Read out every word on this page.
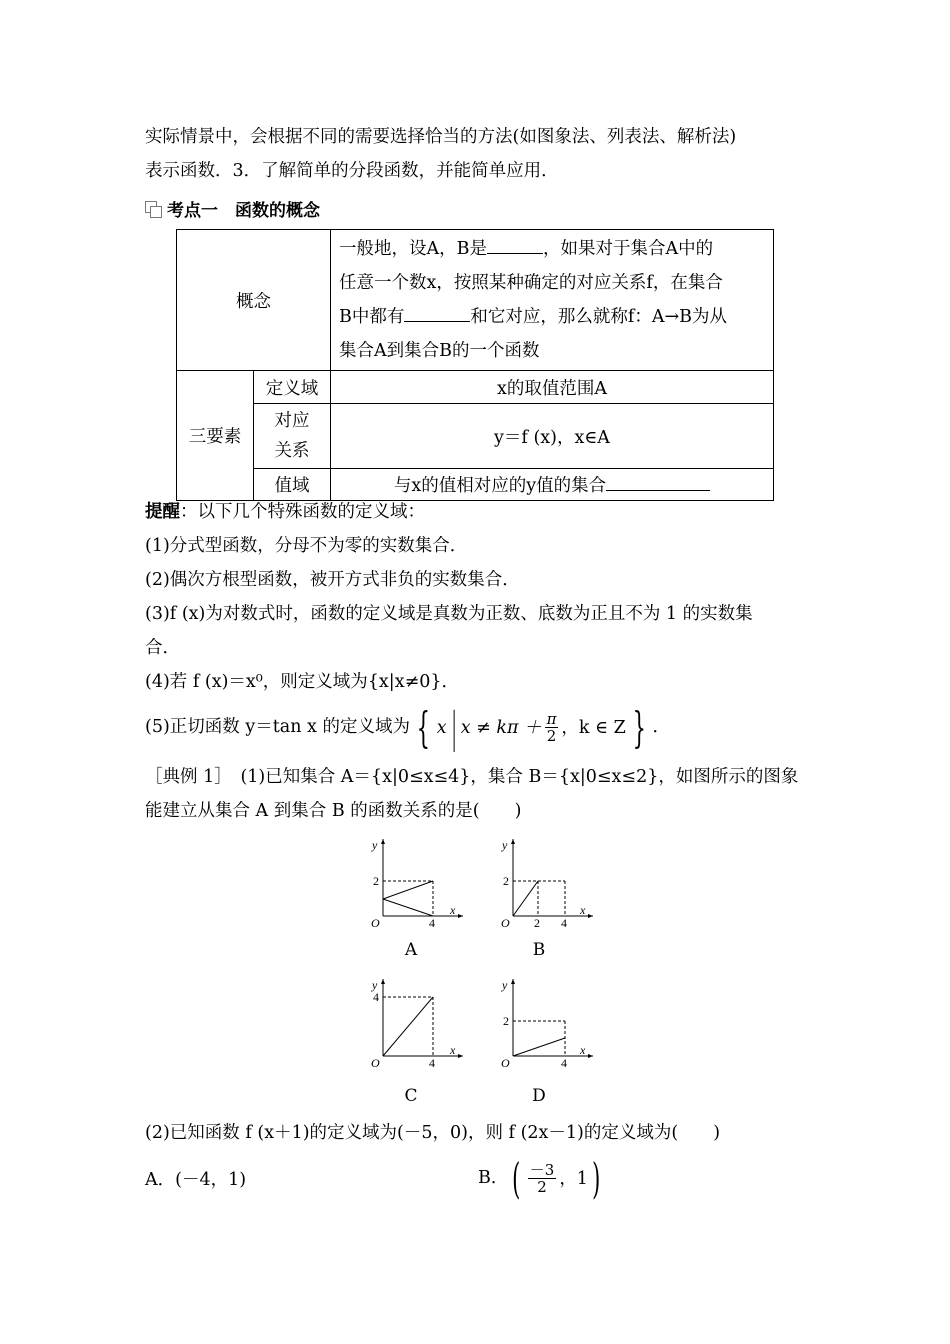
实际情景中，会根据不同的需要选择恰当的方法(如图象法、列表法、解析法)
表示函数．3．了解简单的分段函数，并能简单应用．
考点一　函数的概念
概念		一般地，设A，B是 ，如果对于集合A中的
任意一个数x，按照某种确定的对应关系f，在集合
B中都有 和它对应，那么就称f：A→B为从
集合A到集合B的一个函数
三要素	定义域	x的取值范围A
	对应
关系	y＝f (x)，x∈A
	值域	与x的值相对应的y值的集合
提醒：以下几个特殊函数的定义域：
(1)分式型函数，分母不为零的实数集合．
(2)偶次方根型函数，被开方式非负的实数集合．
(3)f (x)为对数式时，函数的定义域是真数为正数、底数为正且不为 1 的实数集
合．
(4)若 f (x)＝x⁰，则定义域为{x|x≠0}．
(5)正切函数 y＝tan x 的定义域为 { x | $x \ne k\pi + \frac{\pi}{2}$ ，k ∈ Z } ．
［典例 1］　(1)已知集合 A＝{x|0≤x≤4}，集合 B＝{x|0≤x≤2}，如图所示的图象
能建立从集合 A 到集合 B 的函数关系的是(　　)
y
x
O
2
4
A
y
x
O
2
2 4
B
y
x
O
4
4
C
y
x
O
2
4
D
(2)已知函数 f (x＋1)的定义域为(－5，0)，则 f (2x－1)的定义域为(　　)
A．(－4，1)	B． ( $\frac{-3}{2}$ ，1 )
